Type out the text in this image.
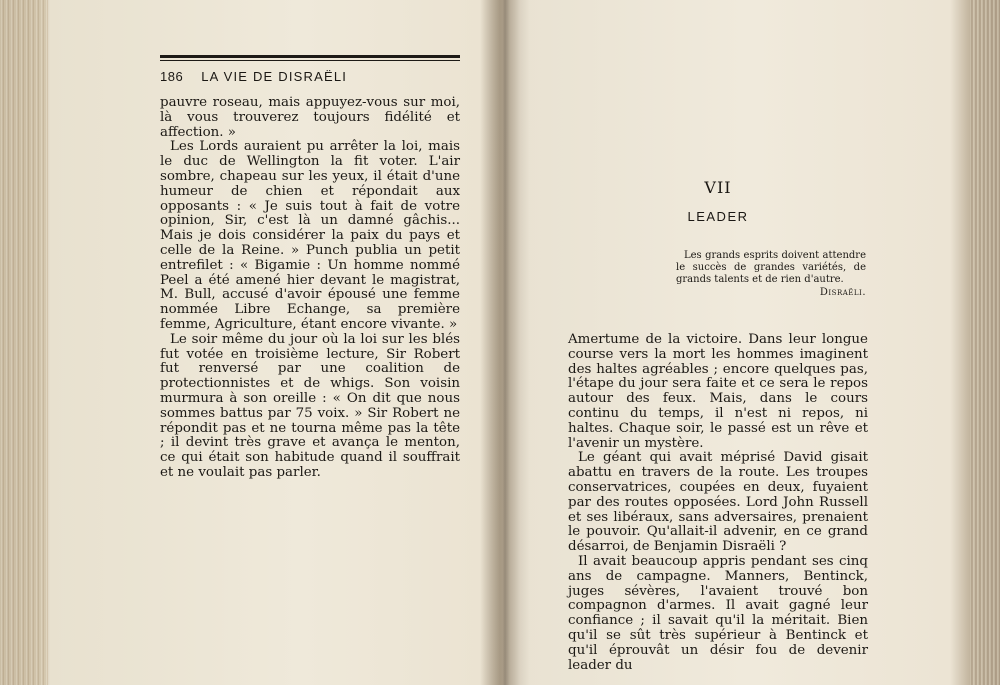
186 LA VIE DE DISRAËLI

pauvre roseau, mais appuyez-vous sur moi, là vous trouverez toujours fidélité et affection. »

Les Lords auraient pu arrêter la loi, mais le duc de Wellington la fit voter. L'air sombre, chapeau sur les yeux, il était d'une humeur de chien et répondait aux opposants : « Je suis tout à fait de votre opinion, Sir, c'est là un damné gâchis... Mais je dois considérer la paix du pays et celle de la Reine. » Punch publia un petit entrefilet : « Bigamie : Un homme nommé Peel a été amené hier devant le magistrat, M. Bull, accusé d'avoir épousé une femme nommée Libre Echange, sa première femme, Agriculture, étant encore vivante. »

Le soir même du jour où la loi sur les blés fut votée en troisième lecture, Sir Robert fut renversé par une coalition de protectionnistes et de whigs. Son voisin murmura à son oreille : « On dit que nous sommes battus par 75 voix. » Sir Robert ne répondit pas et ne tourna même pas la tête ; il devint très grave et avança le menton, ce qui était son habitude quand il souffrait et ne voulait pas parler.

VII
LEADER

Les grands esprits doivent attendre le succès de grandes variétés, de grands talents et de rien d'autre.

Disraëli.

Amertume de la victoire. Dans leur longue course vers la mort les hommes imaginent des haltes agréables ; encore quelques pas, l'étape du jour sera faite et ce sera le repos autour des feux. Mais, dans le cours continu du temps, il n'est ni repos, ni haltes. Chaque soir, le passé est un rêve et l'avenir un mystère.

Le géant qui avait méprisé David gisait abattu en travers de la route. Les troupes conservatrices, coupées en deux, fuyaient par des routes opposées. Lord John Russell et ses libéraux, sans adversaires, prenaient le pouvoir. Qu'allait-il advenir, en ce grand désarroi, de Benjamin Disraëli ?

Il avait beaucoup appris pendant ses cinq ans de campagne. Manners, Bentinck, juges sévères, l'avaient trouvé bon compagnon d'armes. Il avait gagné leur confiance ; il savait qu'il la méritait. Bien qu'il se sût très supérieur à Bentinck et qu'il éprouvât un désir fou de devenir leader du
